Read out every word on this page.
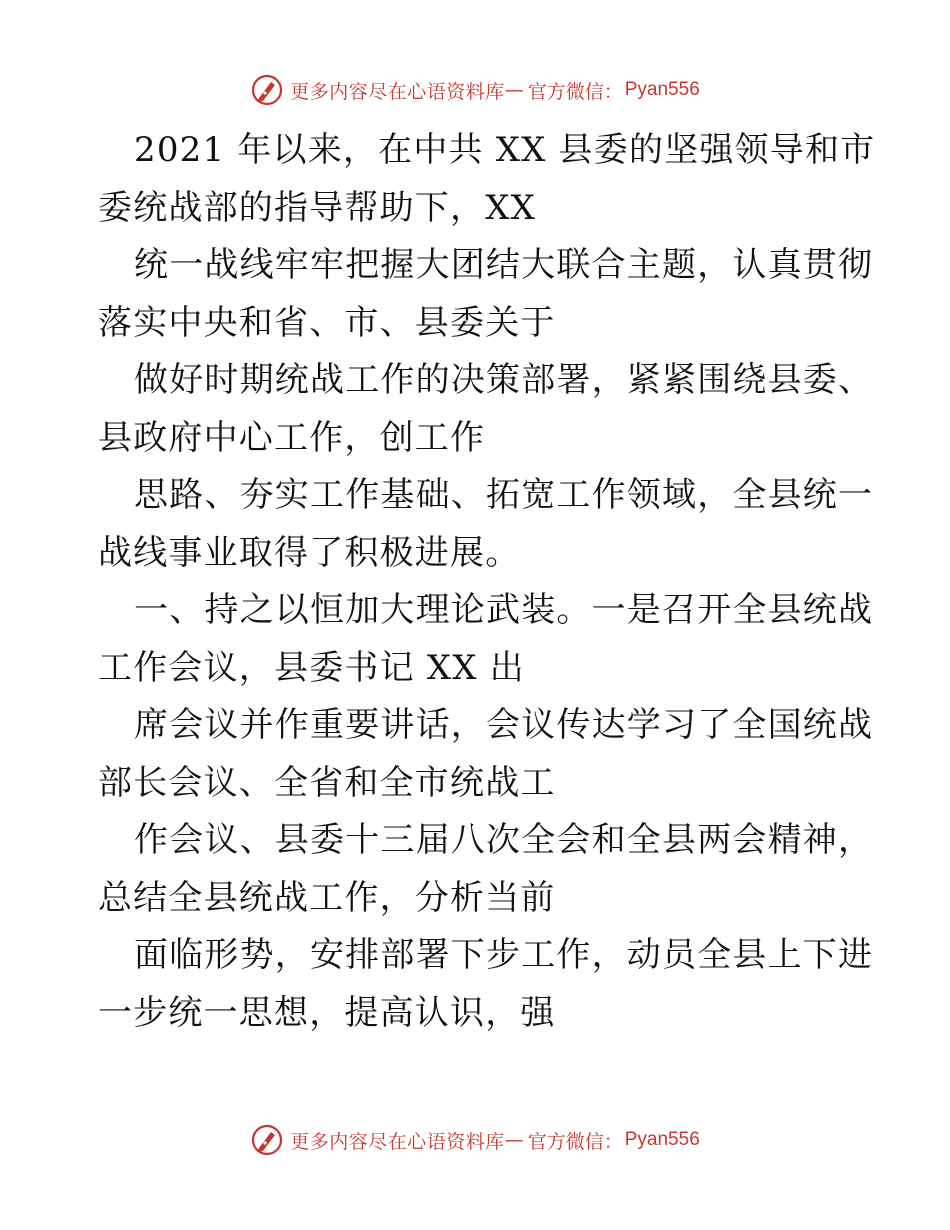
更多内容尽在心语资料库 — 官方微信： Pyan556
2021 年以来，在中共 XX 县委的坚强领导和市
委统战部的指导帮助下，XX
统一战线牢牢把握大团结大联合主题，认真贯彻
落实中央和省、市、县委关于
做好时期统战工作的决策部署，紧紧围绕县委、
县政府中心工作，创工作
思路、夯实工作基础、拓宽工作领域，全县统一
战线事业取得了积极进展。
一、持之以恒加大理论武装。一是召开全县统战
工作会议，县委书记 XX 出
席会议并作重要讲话，会议传达学习了全国统战
部长会议、全省和全市统战工
作会议、县委十三届八次全会和全县两会精神，
总结全县统战工作，分析当前
面临形势，安排部署下步工作，动员全县上下进
一步统一思想，提高认识，强
更多内容尽在心语资料库 — 官方微信： Pyan556
